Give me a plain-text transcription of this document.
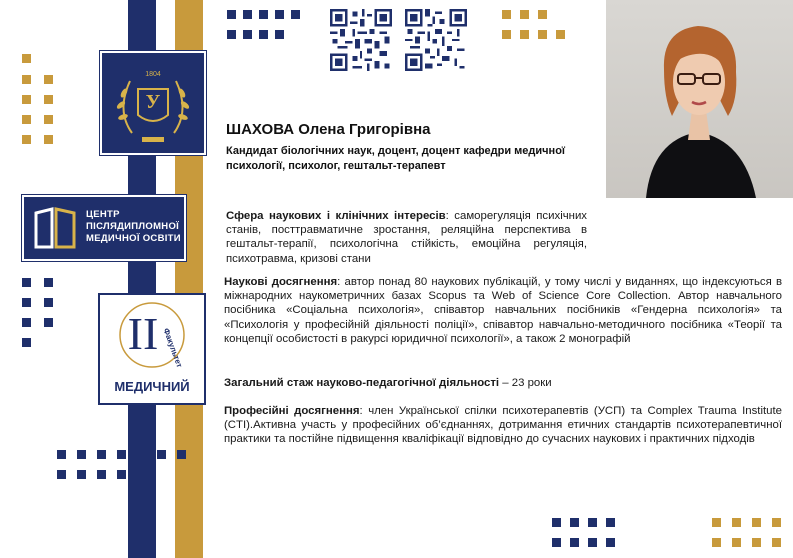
1804
У
ЦЕНТР
ПІСЛЯДИПЛОМНОЇ
МЕДИЧНОЇ ОСВІТИ
II Факультет
МЕДИЧНИЙ
ШАХОВА Олена Григорівна
Кандидат біологічних наук, доцент, доцент кафедри медичної психології, психолог, гештальт-терапевт
Сфера наукових і клінічних інтересів: саморегуляція психічних станів, посттравматичне зростання, реляційна перспектива в гештальт-терапії, психологічна стійкість, емоційна регуляція, психотравма, кризові стани
Наукові досягнення: автор понад 80 наукових публікацій, у тому числі у виданнях, що індексуються в міжнародних наукометричних базах Scopus та Web of Science Core Collection. Автор навчального посібника «Соціальна психологія», співавтор навчальних посібників «Гендерна психологія» та «Психологія у професійній діяльності поліції», співавтор навчально-методичного посібника «Теорії та концепції особистості в ракурсі юридичної психології», а також 2 монографій
Загальний стаж науково-педагогічної діяльності – 23 роки
Професійні досягнення: член Української спілки психотерапевтів (УСП) та Complex Trauma Institute (CTI).Активна участь у професійних об’єднаннях, дотримання етичних стандартів психотерапевтичної практики та постійне підвищення кваліфікації відповідно до сучасних наукових і практичних підходів
